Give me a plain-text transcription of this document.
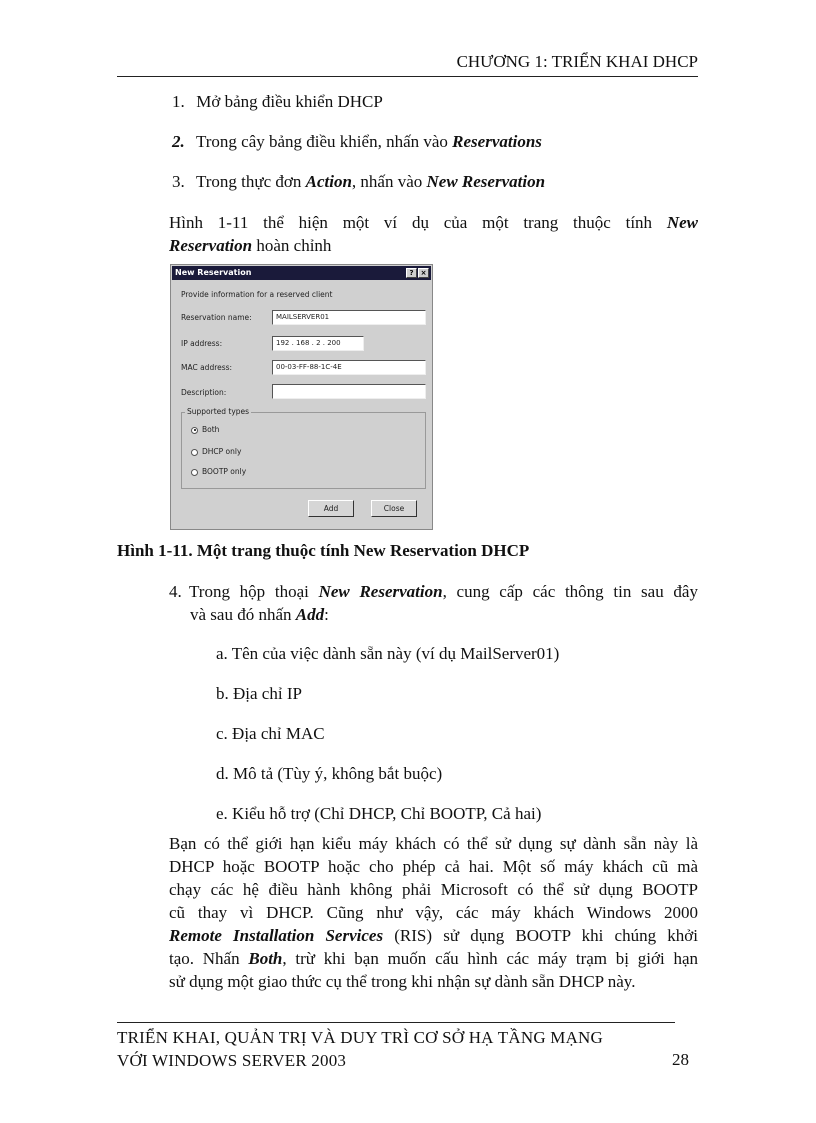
CHƯƠNG 1: TRIỂN KHAI DHCP
1. Mở bảng điều khiển DHCP
2. Trong cây bảng điều khiển, nhấn vào Reservations
3. Trong thực đơn Action, nhấn vào New Reservation
Hình 1-11 thể hiện một ví dụ của một trang thuộc tính New
Reservation hoàn chỉnh
New Reservation	?	×
Provide information for a reserved client
Reservation name:	MAILSERVER01
IP address:	192 . 168 . 2 . 200
MAC address:	00-03-FF-88-1C-4E
Description:
Supported types
Both
DHCP only
BOOTP only
Add	Close
Hình 1-11. Một trang thuộc tính New Reservation DHCP
4. Trong hộp thoại New Reservation, cung cấp các thông tin sau đây
và sau đó nhấn Add:
a. Tên của việc dành sẵn này (ví dụ MailServer01)
b. Địa chỉ IP
c. Địa chỉ MAC
d. Mô tả (Tùy ý, không bắt buộc)
e. Kiểu hỗ trợ (Chỉ DHCP, Chỉ BOOTP, Cả hai)
Bạn có thể giới hạn kiểu máy khách có thể sử dụng sự dành sẵn này là
DHCP hoặc BOOTP hoặc cho phép cả hai. Một số máy khách cũ mà
chạy các hệ điều hành không phải Microsoft có thể sử dụng BOOTP
cũ thay vì DHCP. Cũng như vậy, các máy khách Windows 2000
Remote Installation Services (RIS) sử dụng BOOTP khi chúng khởi
tạo. Nhấn Both, trừ khi bạn muốn cấu hình các máy trạm bị giới hạn
sử dụng một giao thức cụ thể trong khi nhận sự dành sẵn DHCP này.
TRIỂN KHAI, QUẢN TRỊ VÀ DUY TRÌ CƠ SỞ HẠ TẦNG MẠNG
VỚI WINDOWS SERVER 2003	28
